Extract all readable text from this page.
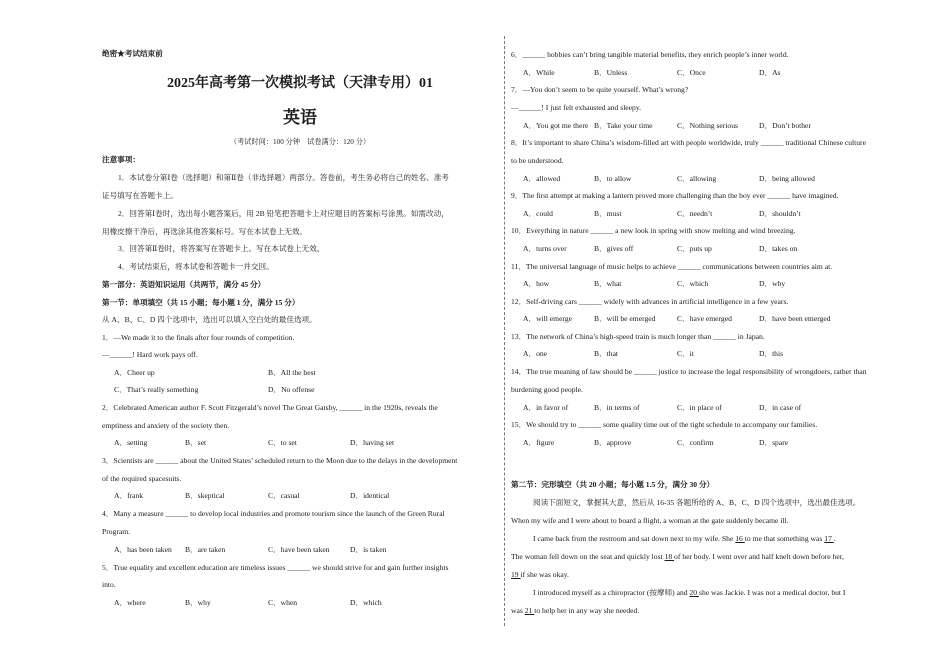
绝密★考试结束前
2025年高考第一次模拟考试（天津专用）01
英语
（考试时间：100 分钟　试卷满分：120 分）
注意事项：
1．本试卷分第Ⅰ卷（选择题）和第Ⅱ卷（非选择题）两部分。答卷前，考生务必将自己的姓名、准考
证号填写在答题卡上。
2．回答第Ⅰ卷时，选出每小题答案后，用 2B 铅笔把答题卡上对应题目的答案标号涂黑。如需改动，
用橡皮擦干净后，再选涂其他答案标号。写在本试卷上无效。
3．回答第Ⅱ卷时，将答案写在答题卡上。写在本试卷上无效。
4．考试结束后，将本试卷和答题卡一并交回。
第一部分：英语知识运用（共两节，满分 45 分）
第一节：单项填空（共 15 小题；每小题 1 分，满分 15 分）
从 A、B、C、D 四个选项中，选出可以填入空白处的最佳选项。
1．—We made it to the finals after four rounds of competition.
—______! Hard work pays off.
A．Cheer up	B．All the best
C．That’s really something	D．No offense
2．Celebrated American author F. Scott Fitzgerald’s novel The Great Gatsby, ______ in the 1920s, reveals the
emptiness and anxiety of the society then.
A．setting	B．set	C．to set	D．having set
3．Scientists are ______ about the United States’ scheduled return to the Moon due to the delays in the development
of the required spacesuits.
A．frank	B．skeptical	C．casual	D．identical
4．Many a measure ______ to develop local industries and promote tourism since the launch of the Green Rural
Program.
A．has been taken B．are taken	C．have been taken	D．is taken
5．True equality and excellent education are timeless issues ______ we should strive for and gain further insights
into.
A．where	B．why	C．when	D．which
6．______ hobbies can’t bring tangible material benefits, they enrich people’s inner world.
A．While	B．Unless	C．Once	D．As
7．—You don’t seem to be quite yourself. What’s wrong?
—______! I just felt exhausted and sleepy.
A．You got me there B．Take your time	C．Nothing serious	D．Don’t bother
8．It’s important to share China’s wisdom-filled art with people worldwide, truly ______ traditional Chinese culture
to be understood.
A．allowed	B．to allow	C．allowing	D．being allowed
9．The first attempt at making a lantern proved more challenging than the boy ever ______ have imagined.
A．could	B．must	C．needn’t	D．shouldn’t
10．Everything in nature ______ a new look in spring with snow melting and wind breezing.
A．turns over	B．gives off	C．puts up	D．takes on
11．The universal language of music helps to achieve ______ communications between countries aim at.
A．how	B．what	C．which	D．why
12．Self-driving cars ______ widely with advances in artificial intelligence in a few years.
A．will emerge	B．will be emerged	C．have emerged	D．have been emerged
13．The network of China’s high-speed train is much longer than ______ in Japan.
A．one	B．that	C．it	D．this
14．The true meaning of law should be ______ justice to increase the legal responsibility of wrongdoers, rather than
burdening good people.
A．in favor of	B．in terms of	C．in place of	D．in case of
15．We should try to ______ some quality time out of the tight schedule to accompany our families.
A．figure	B．approve	C．confirm	D．spare
第二节：完形填空（共 20 小题；每小题 1.5 分，满分 30 分）
阅读下面短文，掌握其大意，然后从 16-35 各题所给的 A、B、C、D 四个选项中，选出最佳选项。
When my wife and I were about to board a flight, a woman at the gate suddenly became ill.
I came back from the restroom and sat down next to my wife. She 16 to me that something was 17 .
The woman fell down on the seat and quickly lost 18 of her body. I went over and half knelt down before her,
19 if she was okay.
I introduced myself as a chiropractor (按摩师) and 20 she was Jackie. I was not a medical doctor, but I
was 21 to help her in any way she needed.
